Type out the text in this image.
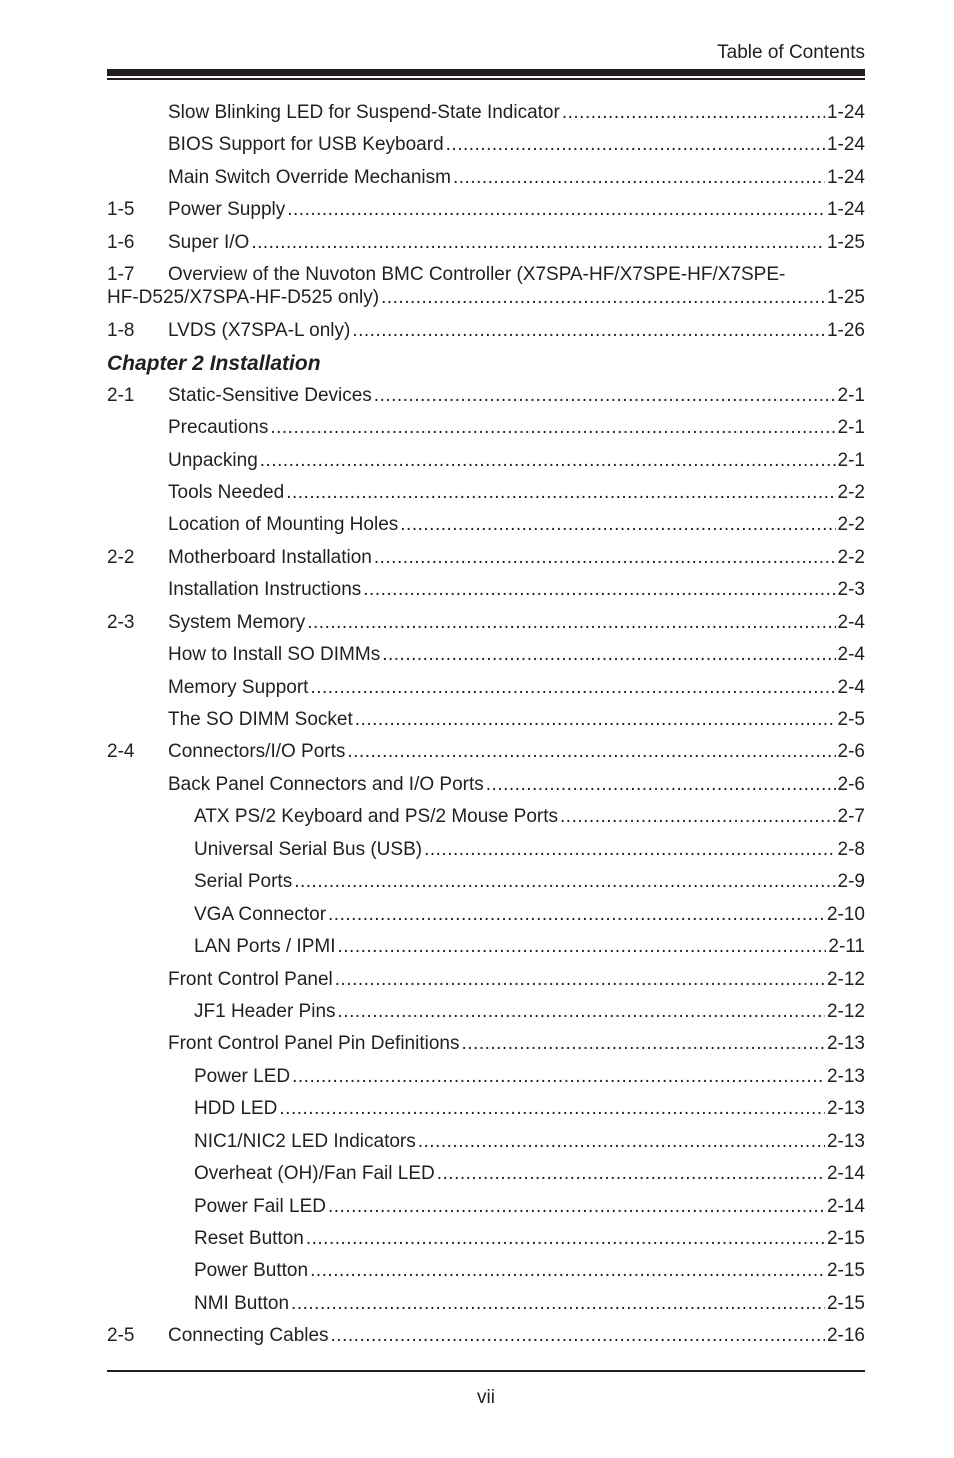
Table of Contents
Slow Blinking LED for Suspend-State Indicator .....	1-24
BIOS Support for USB Keyboard .....	1-24
Main Switch Override Mechanism .....	1-24
1-5 Power Supply .....	1-24
1-6 Super I/O .....	1-25
1-7 Overview of the Nuvoton BMC Controller (X7SPA-HF/X7SPE-HF/X7SPE-
HF-D525/X7SPA-HF-D525 only) .....	1-25
1-8 LVDS (X7SPA-L only) .....	1-26
Chapter 2 Installation
2-1 Static-Sensitive Devices .....	2-1
Precautions .....	2-1
Unpacking .....	2-1
Tools Needed .....	2-2
Location of Mounting Holes .....	2-2
2-2 Motherboard Installation .....	2-2
Installation Instructions .....	2-3
2-3 System Memory .....	2-4
How to Install SO DIMMs .....	2-4
Memory Support .....	2-4
The SO DIMM Socket .....	2-5
2-4 Connectors/I/O Ports .....	2-6
Back Panel Connectors and I/O Ports .....	2-6
ATX PS/2 Keyboard and PS/2 Mouse Ports .....	2-7
Universal Serial Bus (USB) .....	2-8
Serial Ports .....	2-9
VGA Connector .....	2-10
LAN Ports / IPMI .....	2-11
Front Control Panel .....	2-12
JF1 Header Pins .....	2-12
Front Control Panel Pin Definitions .....	2-13
Power LED .....	2-13
HDD LED .....	2-13
NIC1/NIC2 LED Indicators .....	2-13
Overheat (OH)/Fan Fail LED .....	2-14
Power Fail LED .....	2-14
Reset Button .....	2-15
Power Button .....	2-15
NMI Button .....	2-15
2-5 Connecting Cables .....	2-16
vii
